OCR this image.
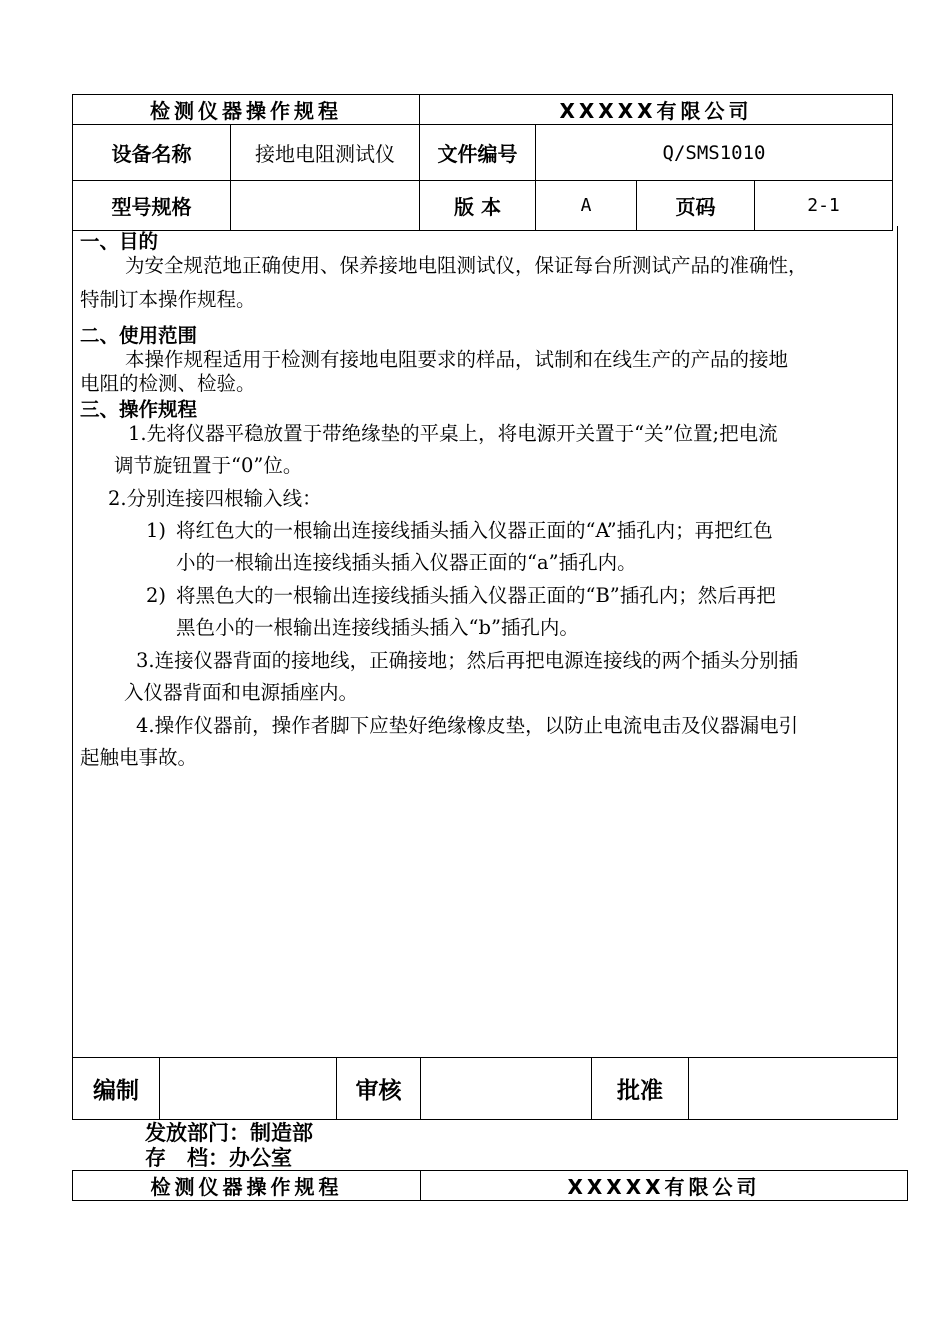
检测仪器操作规程		XXXXX有限公司			
设备名称	接地电阻测试仪	文件编号	Q/SMS1010		
型号规格		版 本	A	页码	2-1
一、目的
为安全规范地正确使用、保养接地电阻测试仪，保证每台所测试产品的准确性，
特制订本操作规程。
二、使用范围
本操作规程适用于检测有接地电阻要求的样品，试制和在线生产的产品的接地
电阻的检测、检验。
三、操作规程
1.先将仪器平稳放置于带绝缘垫的平桌上，将电源开关置于“关”位置;把电流
调节旋钮置于“0”位。
2.分别连接四根输入线：
1) 将红色大的一根输出连接线插头插入仪器正面的“A”插孔内；再把红色
小的一根输出连接线插头插入仪器正面的“a”插孔内。
2) 将黑色大的一根输出连接线插头插入仪器正面的“B”插孔内；然后再把
黑色小的一根输出连接线插头插入“b”插孔内。
3.连接仪器背面的接地线，正确接地；然后再把电源连接线的两个插头分别插
入仪器背面和电源插座内。
4.操作仪器前，操作者脚下应垫好绝缘橡皮垫，以防止电流电击及仪器漏电引
起触电事故。
编制		审核		批准	
发放部门：制造部
存　档：办公室
检测仪器操作规程	XXXXX有限公司
